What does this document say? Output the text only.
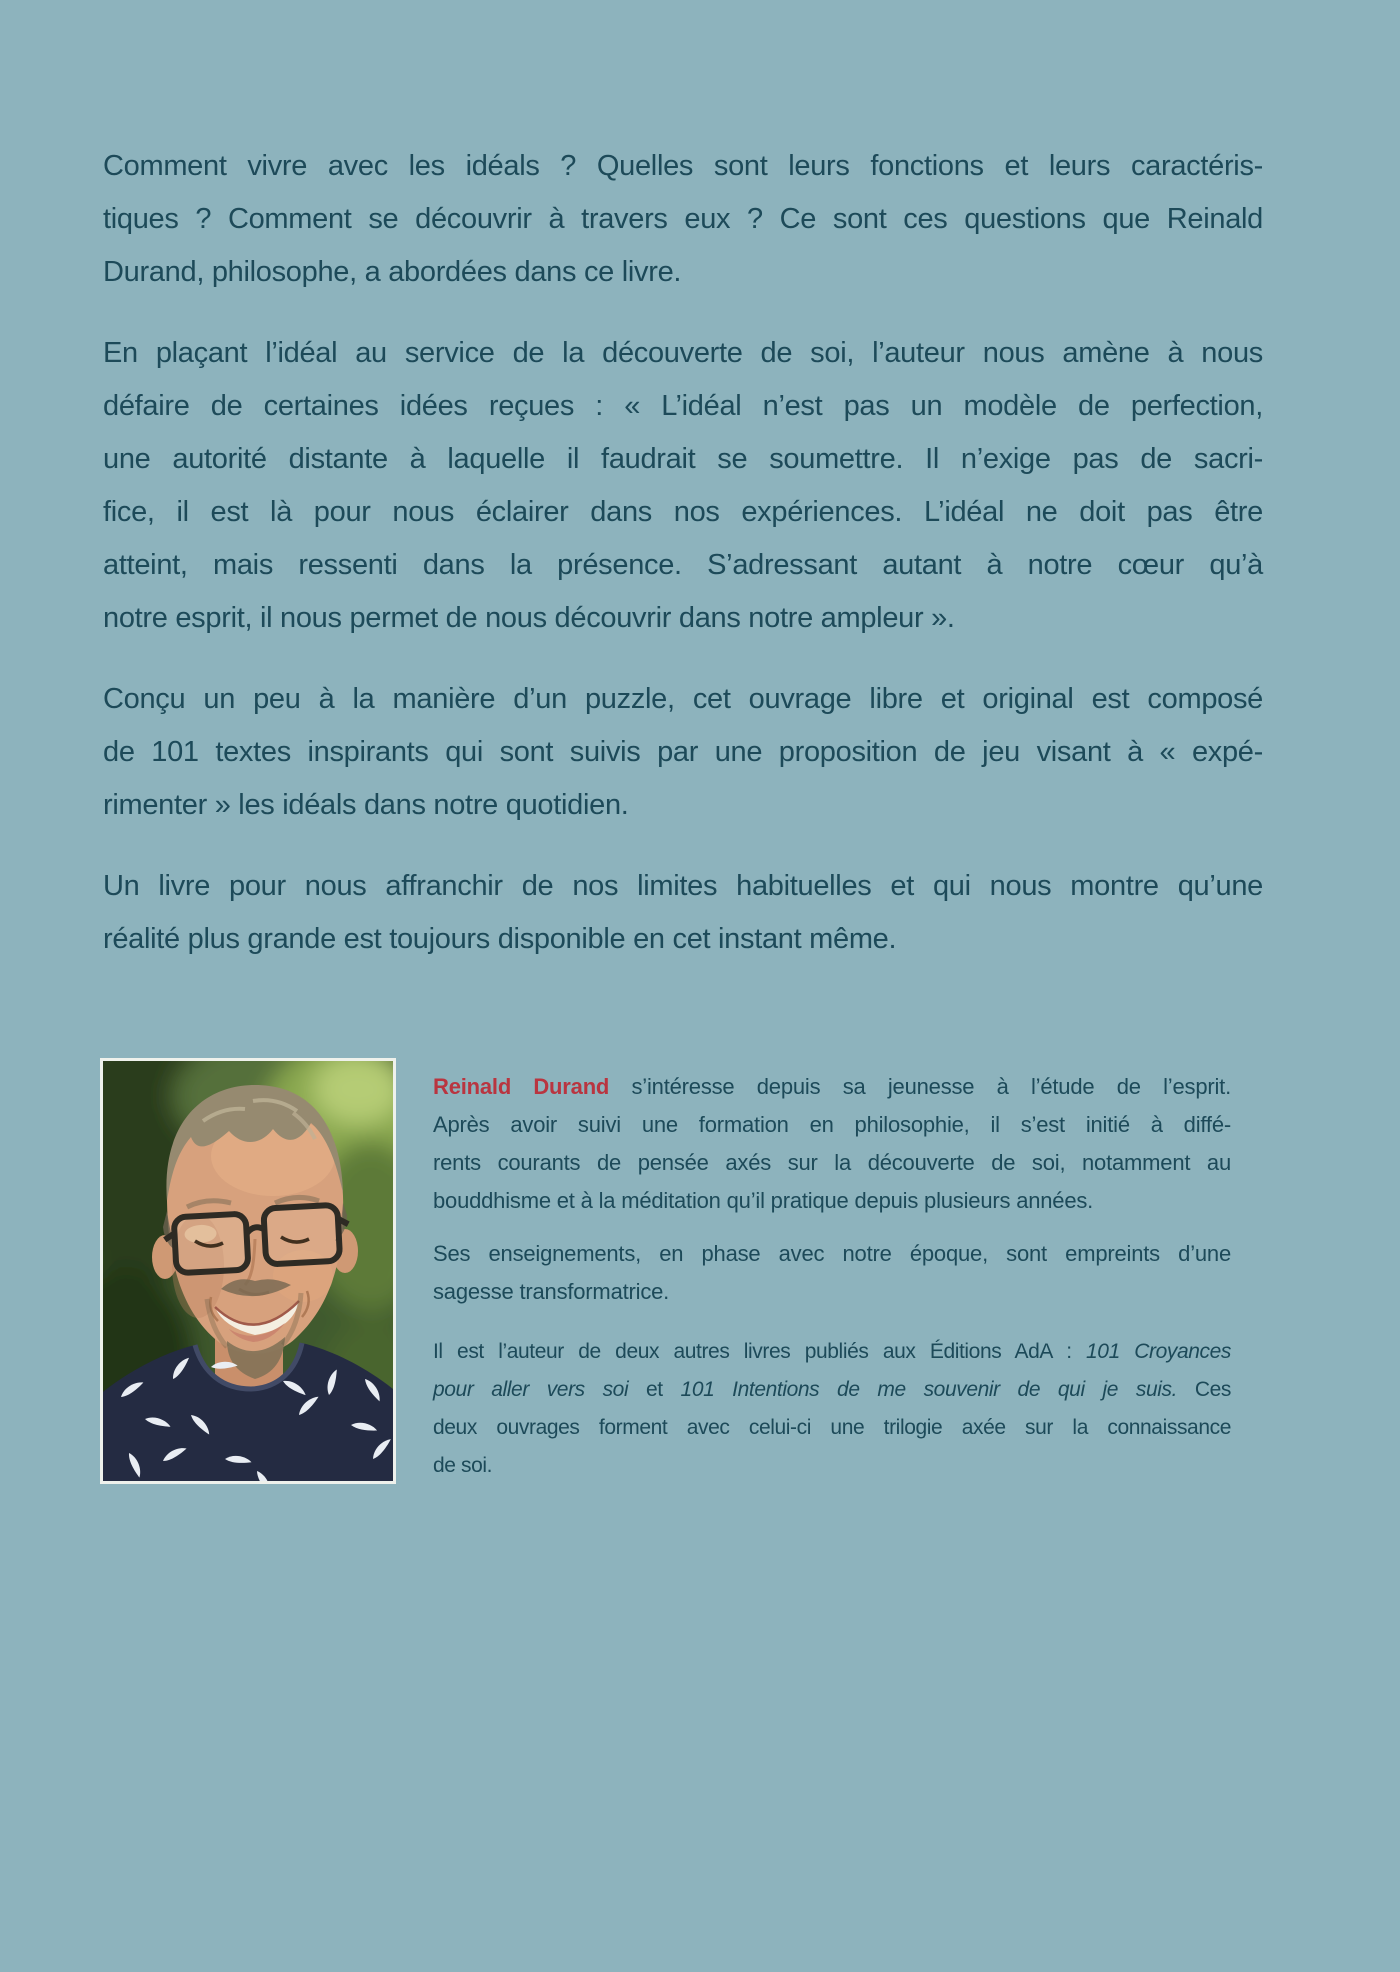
Comment vivre avec les idéals ? Quelles sont leurs fonctions et leurs caractéris-
tiques ? Comment se découvrir à travers eux ? Ce sont ces questions que Reinald
Durand, philosophe, a abordées dans ce livre.
En plaçant l’idéal au service de la découverte de soi, l’auteur nous amène à nous
défaire de certaines idées reçues : « L’idéal n’est pas un modèle de perfection,
une autorité distante à laquelle il faudrait se soumettre. Il n’exige pas de sacri-
fice, il est là pour nous éclairer dans nos expériences. L’idéal ne doit pas être
atteint, mais ressenti dans la présence. S’adressant autant à notre cœur qu’à
notre esprit, il nous permet de nous découvrir dans notre ampleur ».
Conçu un peu à la manière d’un puzzle, cet ouvrage libre et original est composé
de 101 textes inspirants qui sont suivis par une proposition de jeu visant à « expé-
rimenter » les idéals dans notre quotidien.
Un livre pour nous affranchir de nos limites habituelles et qui nous montre qu’une
réalité plus grande est toujours disponible en cet instant même.
Reinald Durand s’intéresse depuis sa jeunesse à l’étude de l’esprit.
Après avoir suivi une formation en philosophie, il s’est initié à diffé-
rents courants de pensée axés sur la découverte de soi, notamment au
bouddhisme et à la méditation qu’il pratique depuis plusieurs années.
Ses enseignements, en phase avec notre époque, sont empreints d’une
sagesse transformatrice.
Il est l’auteur de deux autres livres publiés aux Éditions AdA : 101 Croyances
pour aller vers soi et 101 Intentions de me souvenir de qui je suis. Ces
deux ouvrages forment avec celui-ci une trilogie axée sur la connaissance
de soi.
